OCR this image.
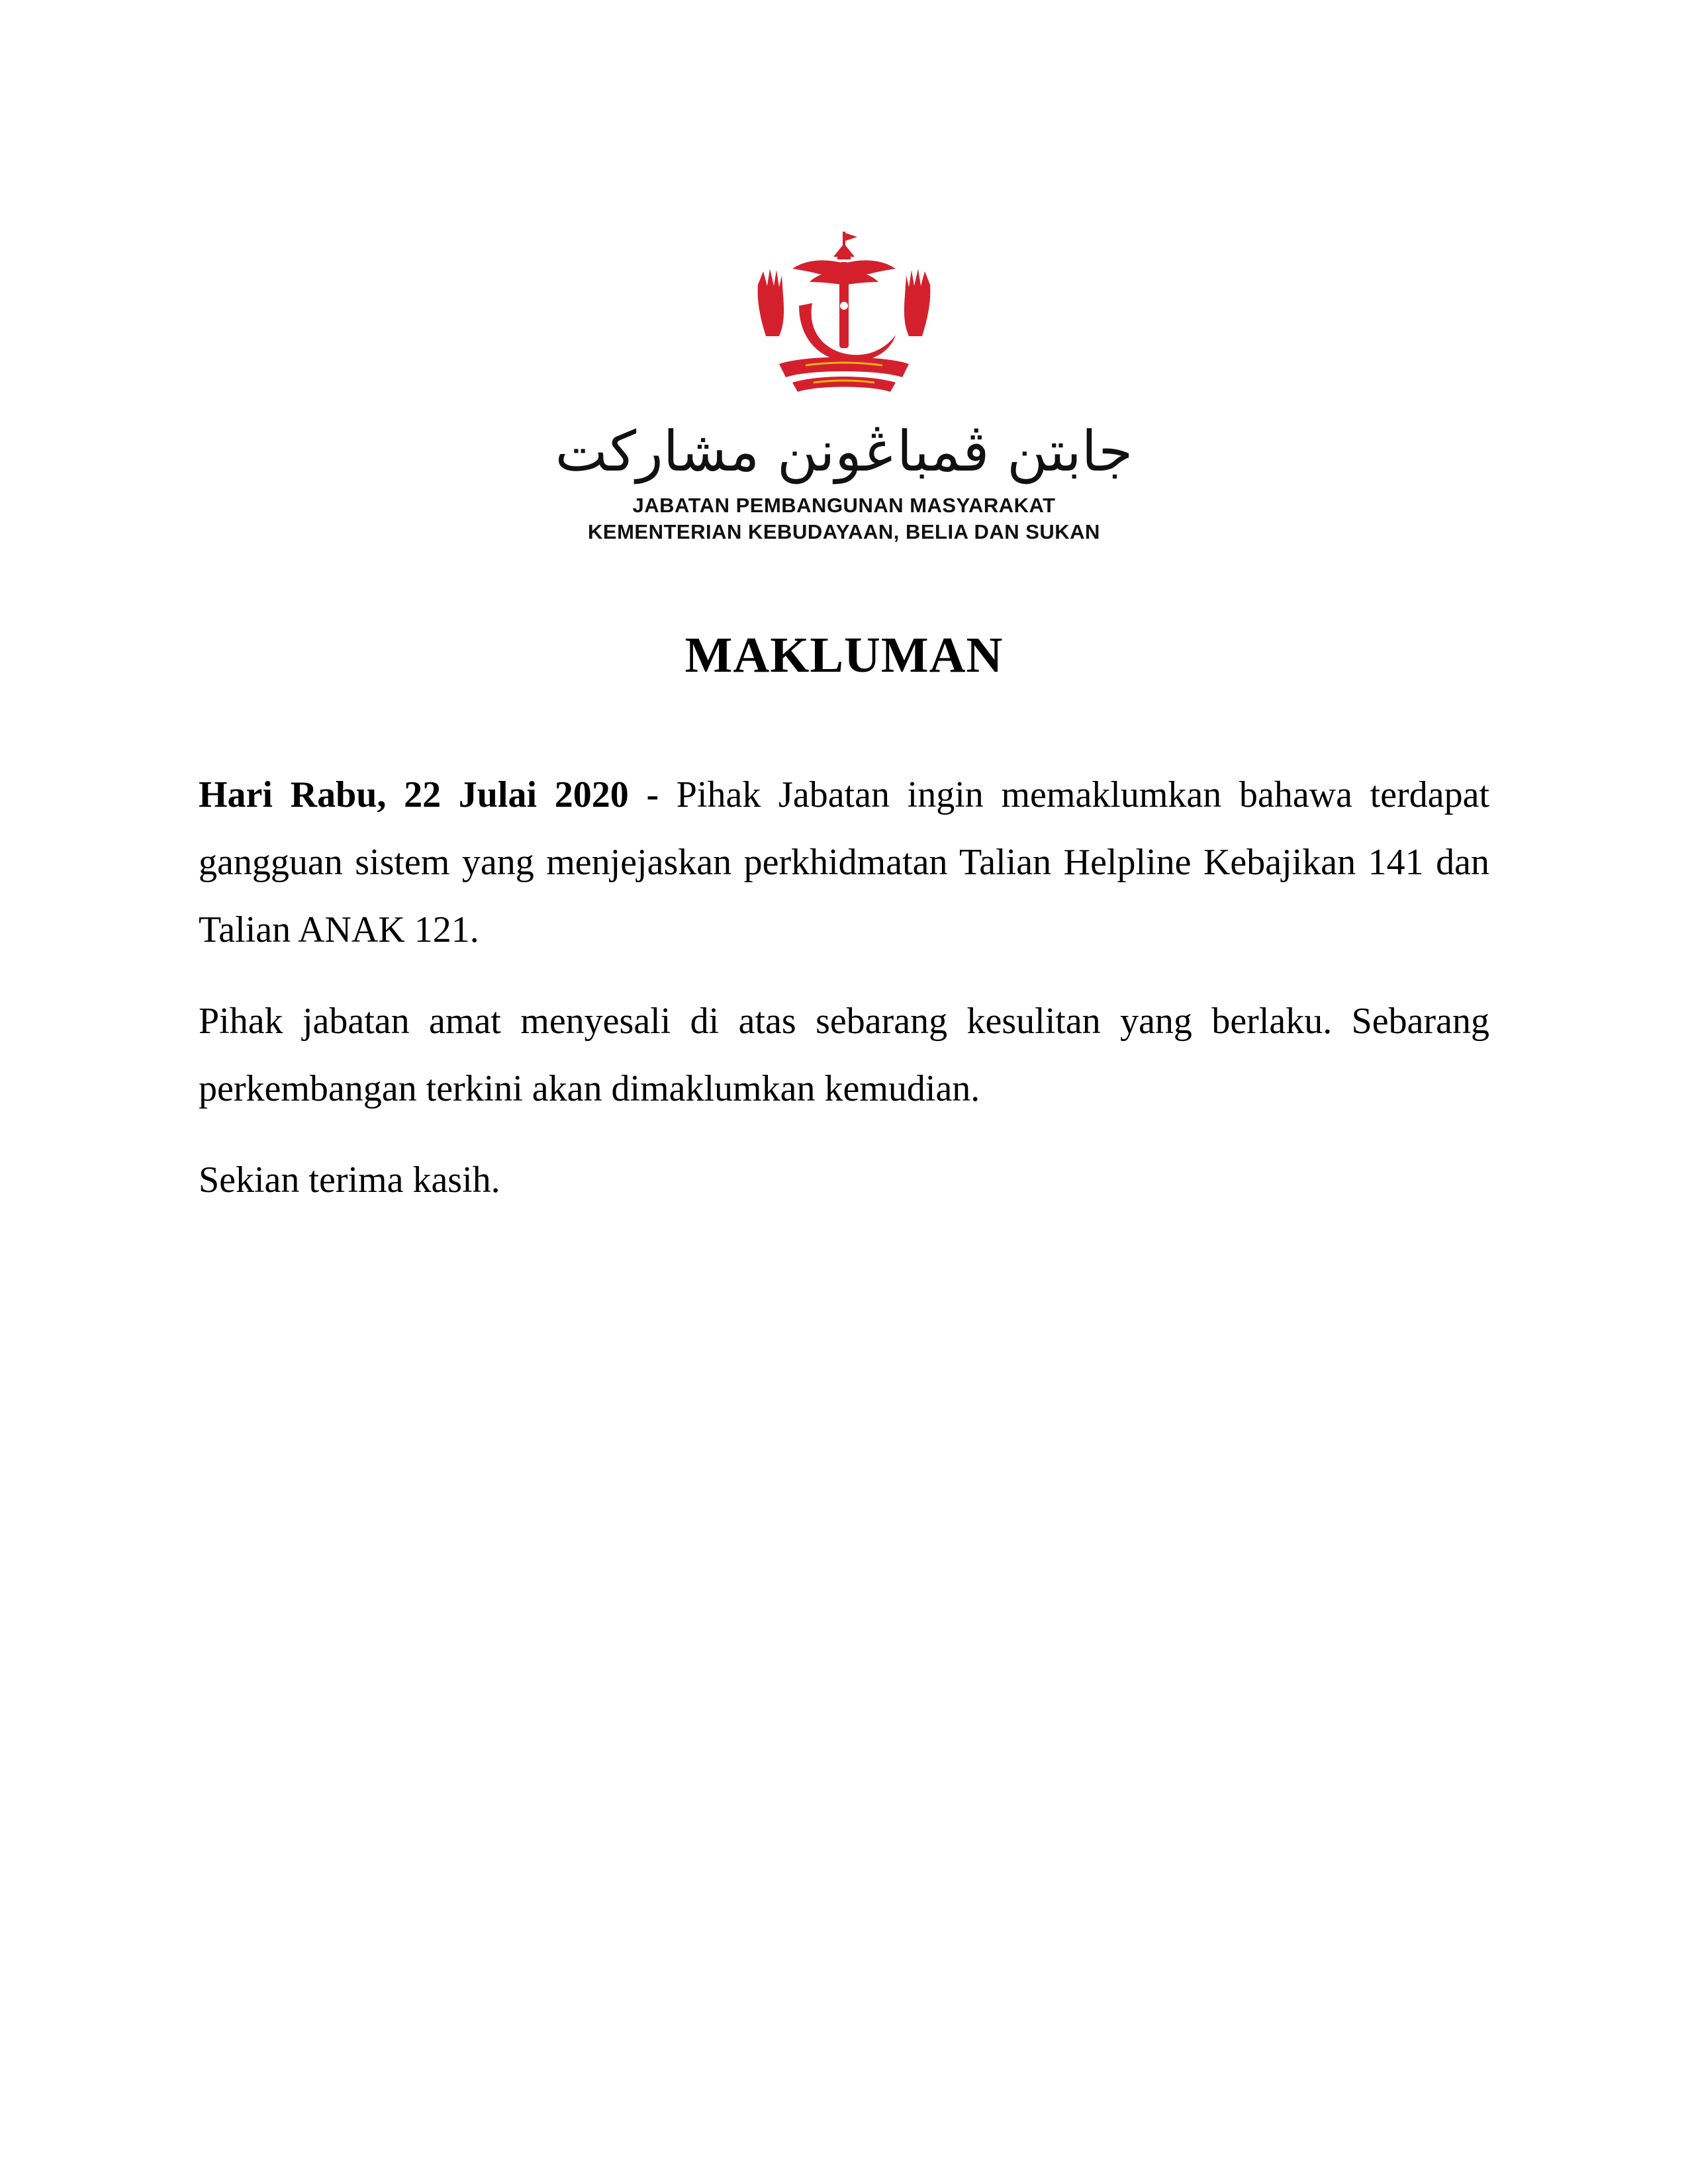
جابتن ڤمباڠونن مشاركت
JABATAN PEMBANGUNAN MASYARAKAT
KEMENTERIAN KEBUDAYAAN, BELIA DAN SUKAN
MAKLUMAN

Hari Rabu, 22 Julai 2020 - Pihak Jabatan ingin memaklumkan bahawa terdapat gangguan sistem yang menjejaskan perkhidmatan Talian Helpline Kebajikan 141 dan Talian ANAK 121.

Pihak jabatan amat menyesali di atas sebarang kesulitan yang berlaku. Sebarang perkembangan terkini akan dimaklumkan kemudian.

Sekian terima kasih.
